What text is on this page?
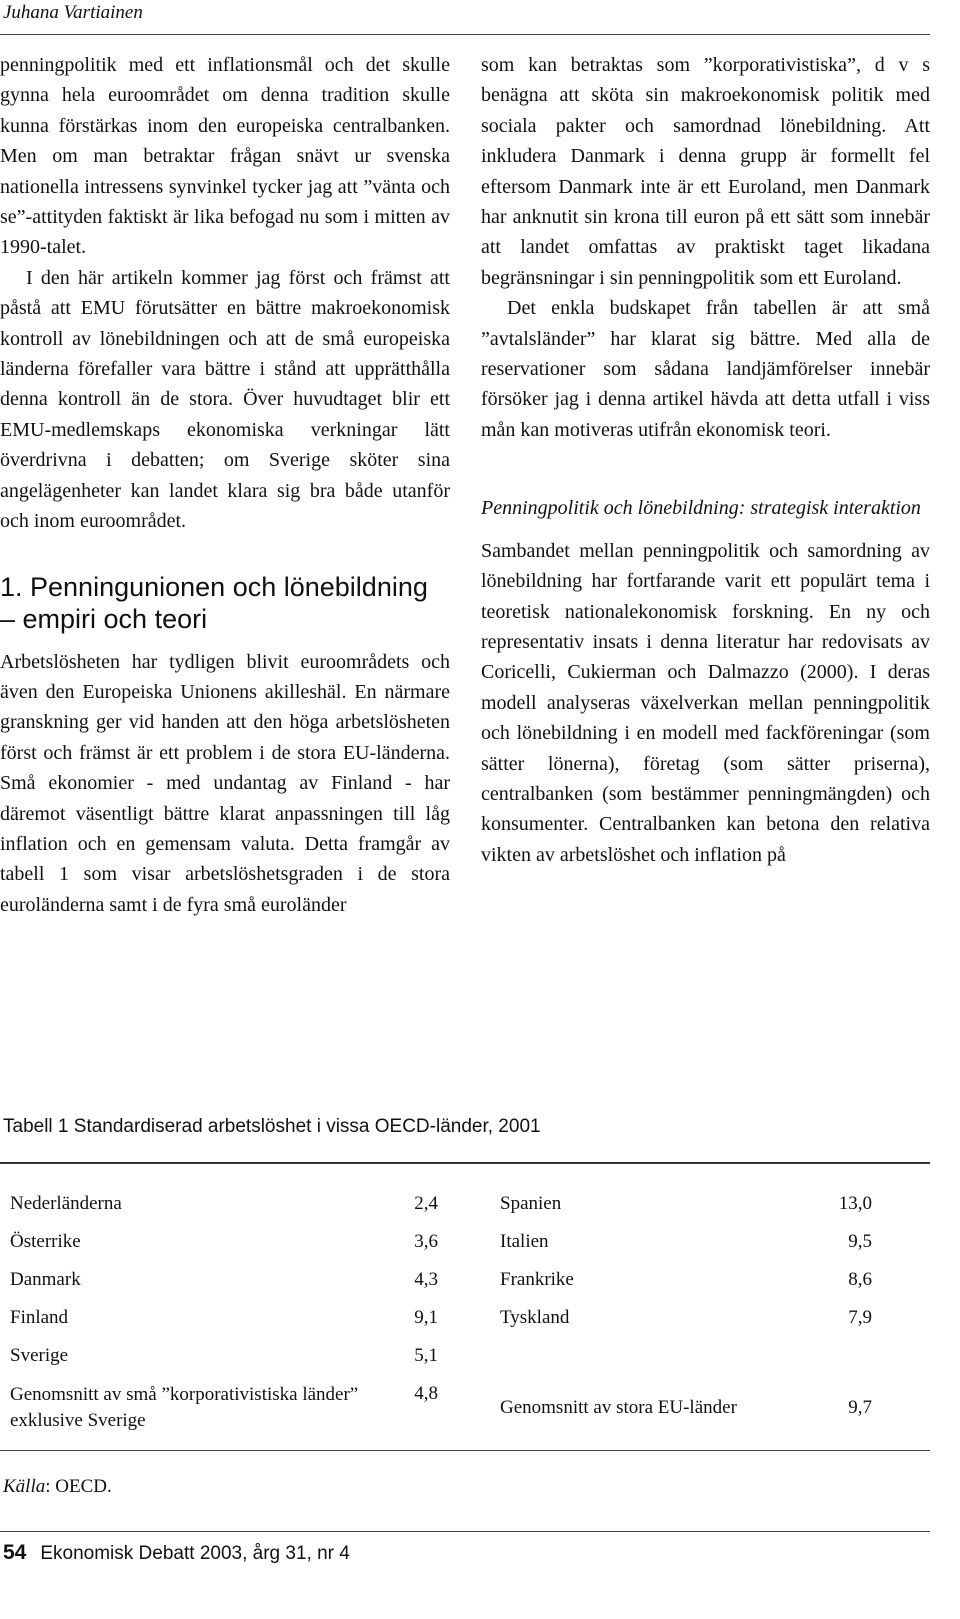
Juhana Vartiainen

penningpolitik med ett inflationsmål och det skulle gynna hela euroområdet om denna tradition skulle kunna förstärkas inom den europeiska centralbanken. Men om man betraktar frågan snävt ur svenska nationella intressens synvinkel tycker jag att ”vänta och se”-attityden faktiskt är lika befogad nu som i mitten av 1990-talet.

I den här artikeln kommer jag först och främst att påstå att EMU förutsätter en bättre makroekonomisk kontroll av lönebildningen och att de små europeiska länderna förefaller vara bättre i stånd att upprätthålla denna kontroll än de stora. Över huvudtaget blir ett EMU-medlemskaps ekonomiska verkningar lätt överdrivna i debatten; om Sverige sköter sina angelägenheter kan landet klara sig bra både utanför och inom euroområdet.

1. Penningunionen och lönebildning – empiri och teori

Arbetslösheten har tydligen blivit euroområdets och även den Europeiska Unionens akilleshäl. En närmare granskning ger vid handen att den höga arbetslösheten först och främst är ett problem i de stora EU-länderna. Små ekonomier - med undantag av Finland - har däremot väsentligt bättre klarat anpassningen till låg inflation och en gemensam valuta. Detta framgår av tabell 1 som visar arbetslöshetsgraden i de stora euroländerna samt i de fyra små euroländer

som kan betraktas som ”korporativistiska”, d v s benägna att sköta sin makroekonomisk politik med sociala pakter och samordnad lönebildning. Att inkludera Danmark i denna grupp är formellt fel eftersom Danmark inte är ett Euroland, men Danmark har anknutit sin krona till euron på ett sätt som innebär att landet omfattas av praktiskt taget likadana begränsningar i sin penningpolitik som ett Euroland.

Det enkla budskapet från tabellen är att små ”avtalsländer” har klarat sig bättre. Med alla de reservationer som sådana landjämförelser innebär försöker jag i denna artikel hävda att detta utfall i viss mån kan motiveras utifrån ekonomisk teori.

Penningpolitik och lönebildning: strategisk interaktion

Sambandet mellan penningpolitik och samordning av lönebildning har fortfarande varit ett populärt tema i teoretisk nationalekonomisk forskning. En ny och representativ insats i denna literatur har redovisats av Coricelli, Cukierman och Dalmazzo (2000). I deras modell analyseras växelverkan mellan penningpolitik och lönebildning i en modell med fackföreningar (som sätter lönerna), företag (som sätter priserna), centralbanken (som bestämmer penningmängden) och konsumenter. Centralbanken kan betona den relativa vikten av arbetslöshet och inflation på

Tabell 1 Standardiserad arbetslöshet i vissa OECD-länder, 2001
Nederländerna	2,4
Österrike	3,6
Danmark	4,3
Finland	9,1
Sverige	5,1
Genomsnitt av små ”korporativistiska länder” exklusive Sverige
4,8
Spanien	13,0
Italien	9,5
Frankrike	8,6
Tyskland	7,9
Genomsnitt av stora EU-länder	9,7
Källa: OECD.
54 Ekonomisk Debatt 2003, årg 31, nr 4
